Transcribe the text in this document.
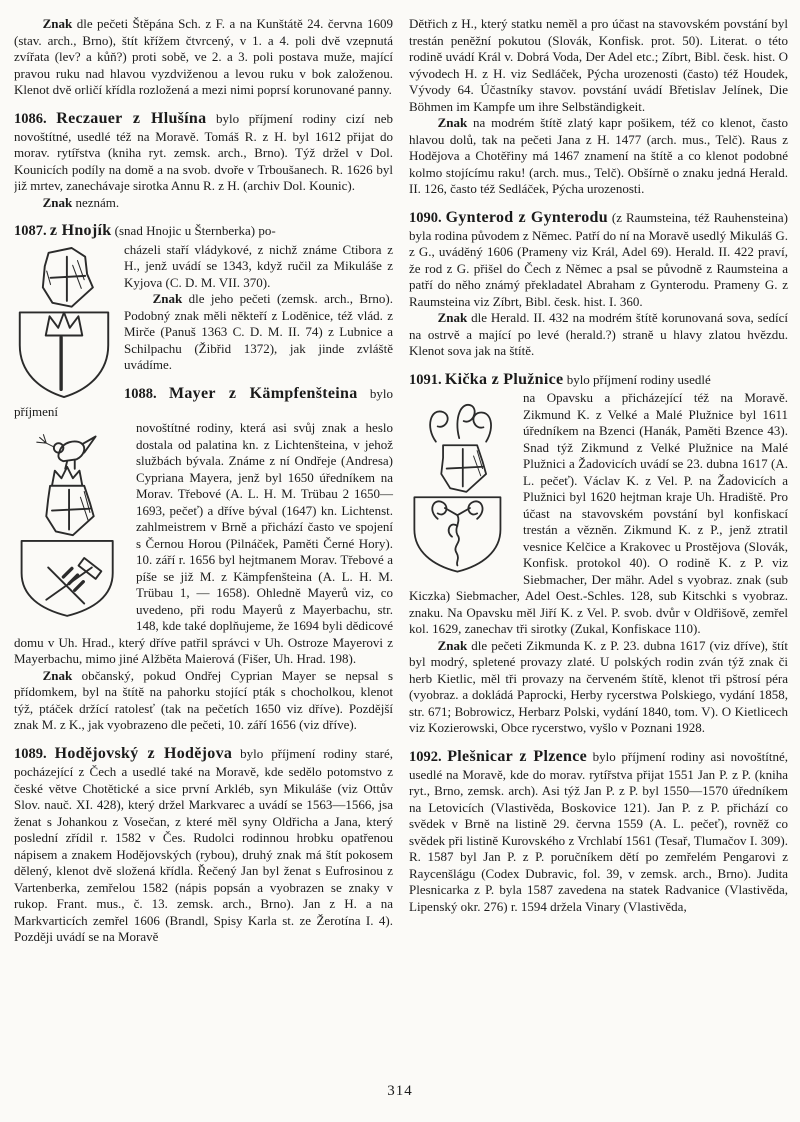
Znak dle pečeti Štěpána Sch. z F. a na Kunštátě 24. června 1609 (stav. arch., Brno), štít křížem čtvrcený, v 1. a 4. poli dvě vzepnutá zvířata (lev? a kůň?) proti sobě, ve 2. a 3. poli postava muže, mající pravou ruku nad hlavou vyzdviženou a levou ruku v bok založenou. Klenot dvě orličí křídla rozložená a mezi nimi poprsí korunované panny.

1086. Reczauer z Hlušína bylo příjmení rodiny cizí neb novoštítné, usedlé též na Moravě. Tomáš R. z H. byl 1612 přijat do morav. rytířstva (kniha ryt. zemsk. arch., Brno). Týž držel v Dol. Kounicích podíly na domě a na svob. dvoře v Trboušanech. R. 1626 byl již mrtev, zanechávaje sirotka Annu R. z H. (archiv Dol. Kounic).

Znak neznám.

1087. z Hnojík (snad Hnojic u Šternberka) po-

cházeli staří vládykové, z nichž známe Ctibora z H., jenž uvádí se 1343, když ručil za Mikuláše z Kyjova (C. D. M. VII. 370).

Znak dle jeho pečeti (zemsk. arch., Brno). Podobný znak měli někteří z Loděnice, též vlád. z Mirče (Panuš 1363 C. D. M. II. 74) z Lubnice a Schilpachu (Žibřid 1372), jak jinde zvláště uvádíme.

1088. Mayer z Kämpfenšteina bylo příjmení

novoštítné rodiny, která asi svůj znak a heslo dostala od palatina kn. z Lichtenšteina, v jehož službách bývala. Známe z ní Ondřeje (Andresa) Cypriana Mayera, jenž byl 1650 úředníkem na Morav. Třebové (A. L. H. M. Trübau 2 1650—1693, pečeť) a dříve býval (1647) kn. Lichtenst. zahlmeistrem v Brně a přichází často ve spojení s Černou Horou (Pilnáček, Paměti Černé Hory). 10. září r. 1656 byl hejtmanem Morav. Třebové a píše se již M. z Kämpfenšteina (A. L. H. M. Trübau 1, — 1658). Ohledně Mayerů viz, co uvedeno, při rodu Mayerů z Mayerbachu, str. 148, kde také doplňujeme, že 1694 byli dědicové domu v Uh. Hrad., který dříve patřil správci v Uh. Ostroze Mayerovi z Mayerbachu, mimo jiné Alžběta Maierová (Fišer, Uh. Hrad. 198).

Znak občanský, pokud Ondřej Cyprian Mayer se nepsal s přídomkem, byl na štítě na pahorku stojící pták s chocholkou, klenot týž, ptáček držící ratolesť (tak na pečetích 1650 viz dříve). Pozdější znak M. z K., jak vyobrazeno dle pečeti, 10. září 1656 (viz dříve).

1089. Hodějovský z Hodějova bylo příjmení rodiny staré, pocházející z Čech a usedlé také na Moravě, kde sedělo potomstvo z české větve Chotětické a sice první Arkléb, syn Mikuláše (viz Ottův Slov. nauč. XI. 428), který držel Markvarec a uvádí se 1563—1566, jsa ženat s Johankou z Vosečan, z které měl syny Oldřicha a Jana, který poslední zřídil r. 1582 v Čes. Rudolci rodinnou hrobku opatřenou nápisem a znakem Hodějovských (rybou), druhý znak má štít pokosem dělený, klenot dvě složená křídla. Řečený Jan byl ženat s Eufrosinou z Vartenberka, zemřelou 1582 (nápis popsán a vyobrazen se znaky v rukop. Frant. mus., č. 13. zemsk. arch., Brno). Jan z H. a na Markvarticích zemřel 1606 (Brandl, Spisy Karla st. ze Žerotína I. 4). Později uvádí se na Moravě

Dětřich z H., který statku neměl a pro účast na stavovském povstání byl trestán peněžní pokutou (Slovák, Konfisk. prot. 50). Literat. o této rodině uvádí Král v. Dobrá Voda, Der Adel etc.; Zíbrt, Bibl. česk. hist. O vývodech H. z H. viz Sedláček, Pýcha urozenosti (často) též Houdek, Vývody 64. Účastníky stavov. povstání uvádí Břetislav Jelínek, Die Böhmen im Kampfe um ihre Selbständigkeit.

Znak na modrém štítě zlatý kapr pošikem, též co klenot, často hlavou dolů, tak na pečeti Jana z H. 1477 (arch. mus., Telč). Raus z Hodějova a Chotěřiny má 1467 znamení na štítě a co klenot podobné kolmo stojícímu raku! (arch. mus., Telč). Obšírně o znaku jedná Herald. II. 126, často též Sedláček, Pýcha urozenosti.

1090. Gynterod z Gynterodu (z Raumsteina, též Rauhensteina) byla rodina původem z Němec. Patří do ní na Moravě usedlý Mikuláš G. z G., uváděný 1606 (Prameny viz Král, Adel 69). Herald. II. 422 praví, že rod z G. přišel do Čech z Němec a psal se původně z Raumsteina a patří do něho známý překladatel Abraham z Gynterodu. Prameny G. z Raumsteina viz Zíbrt, Bibl. česk. hist. I. 360.

Znak dle Herald. II. 432 na modrém štítě korunovaná sova, sedící na ostrvě a mající po levé (herald.?) straně u hlavy zlatou hvězdu. Klenot sova jak na štítě.

1091. Kička z Plužnice bylo příjmení rodiny usedlé

na Opavsku a přicházející též na Moravě. Zikmund K. z Velké a Malé Plužnice byl 1611 úředníkem na Bzenci (Hanák, Paměti Bzence 43). Snad týž Zikmund z Velké Plužnice na Malé Plužnici a Žadovicích uvádí se 23. dubna 1617 (A. L. pečeť). Václav K. z Vel. P. na Žadovicích a Plužnici byl 1620 hejtman kraje Uh. Hradiště. Pro účast na stavovském povstání byl konfiskací trestán a vězněn. Zikmund K. z P., jenž ztratil vesnice Kelčice a Krakovec u Prostějova (Slovák, Konfisk. protokol 40). O rodině K. z P. viz Siebmacher, Der mähr. Adel s vyobraz. znak (sub Kiczka) Siebmacher, Adel Oest.-Schles. 128, sub Kitschki s vyobraz. znaku. Na Opavsku měl Jiří K. z Vel. P. svob. dvůr v Oldřišově, zemřel kol. 1629, zanechav tři sirotky (Zukal, Konfiskace 110).

Znak dle pečeti Zikmunda K. z P. 23. dubna 1617 (viz dříve), štít byl modrý, spletené provazy zlaté. U polských rodin zván týž znak či herb Kietlic, měl tři provazy na červeném štítě, klenot tři pštrosí péra (vyobraz. a dokládá Paprocki, Herby rycerstwa Polskiego, vydání 1858, str. 671; Bobrowicz, Herbarz Polski, vydání 1840, tom. V). O Kietlicech viz Kozierowski, Obce rycerstwo, vyšlo v Poznani 1928.

1092. Plešnicar z Plzence bylo příjmení rodiny asi novoštítné, usedlé na Moravě, kde do morav. rytířstva přijat 1551 Jan P. z P. (kniha ryt., Brno, zemsk. arch). Asi týž Jan P. z P. byl 1550—1570 úředníkem na Letovicích (Vlastivěda, Boskovice 121). Jan P. z P. přichází co svědek v Brně na listině 29. června 1559 (A. L. pečeť), rovněž co svědek při listině Kurovského z Vrchlabí 1561 (Tesař, Tlumačov I. 309). R. 1587 byl Jan P. z P. poručníkem dětí po zemřelém Pengarovi z Raycenšlágu (Codex Dubravic, fol. 39, v zemsk. arch., Brno). Judita Plesnicarka z P. byla 1587 zavedena na statek Radvanice (Vlastivěda, Lipenský okr. 276) r. 1594 držela Vinary (Vlastivěda,

314
